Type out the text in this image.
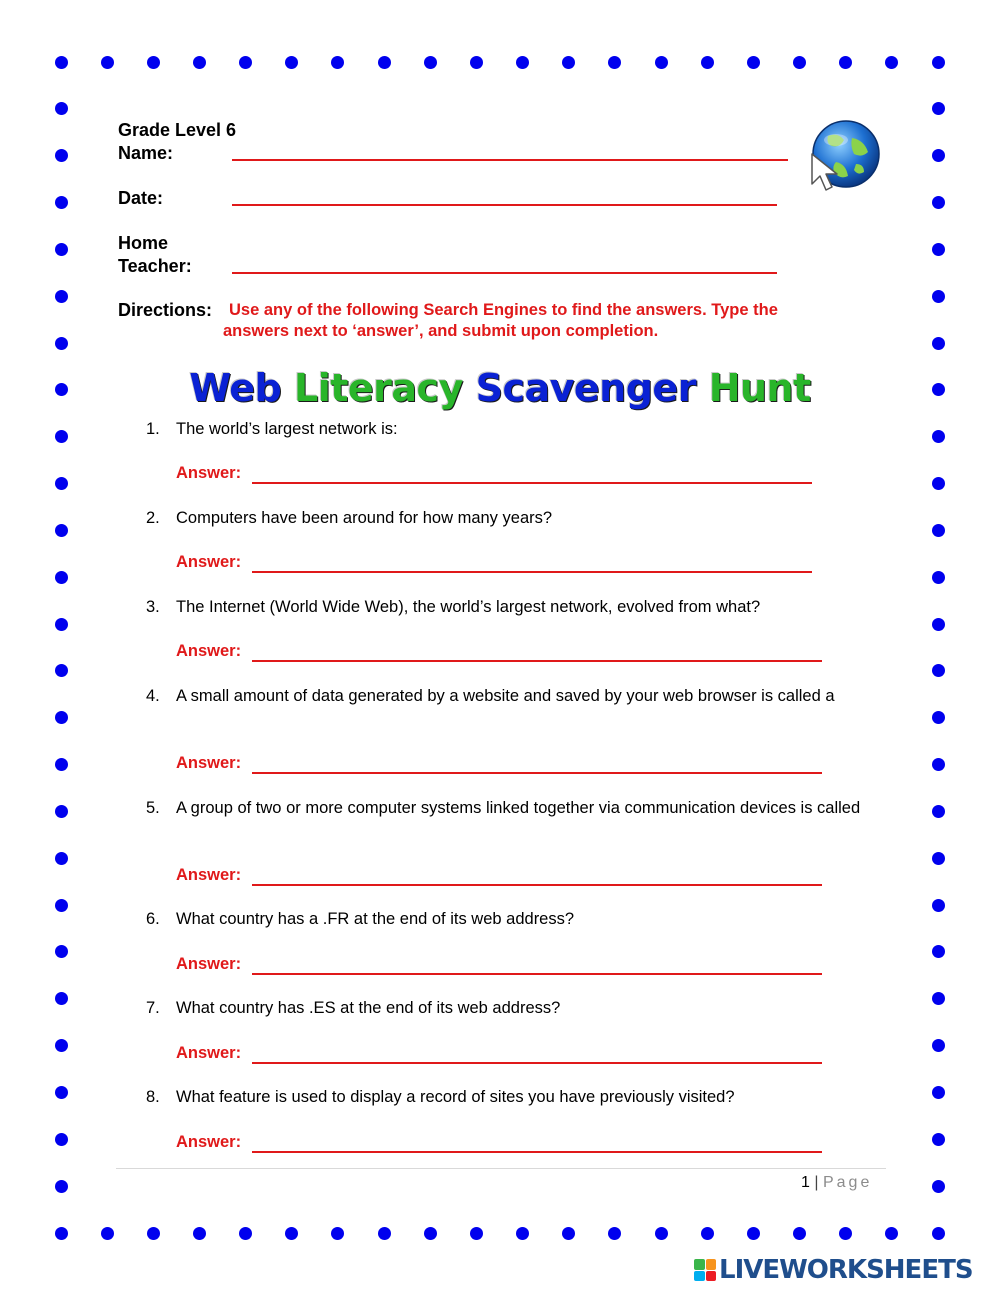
Grade Level 6
Name:
Date:
Home
Teacher:
Directions:	Use any of the following Search Engines to find the answers. Type the answers next to ‘answer’, and submit upon completion.
Web Literacy Scavenger Hunt
1. The world’s largest network is:
Answer:
2. Computers have been around for how many years?
Answer:
3. The Internet (World Wide Web), the world’s largest network, evolved from what?
Answer:
4. A small amount of data generated by a website and saved by your web browser is called a
Answer:
5. A group of two or more computer systems linked together via communication devices is called
Answer:
6. What country has a .FR at the end of its web address?
Answer:
7. What country has .ES at the end of its web address?
Answer:
8. What feature is used to display a record of sites you have previously visited?
Answer:
1 | Page
LIVEWORKSHEETS
